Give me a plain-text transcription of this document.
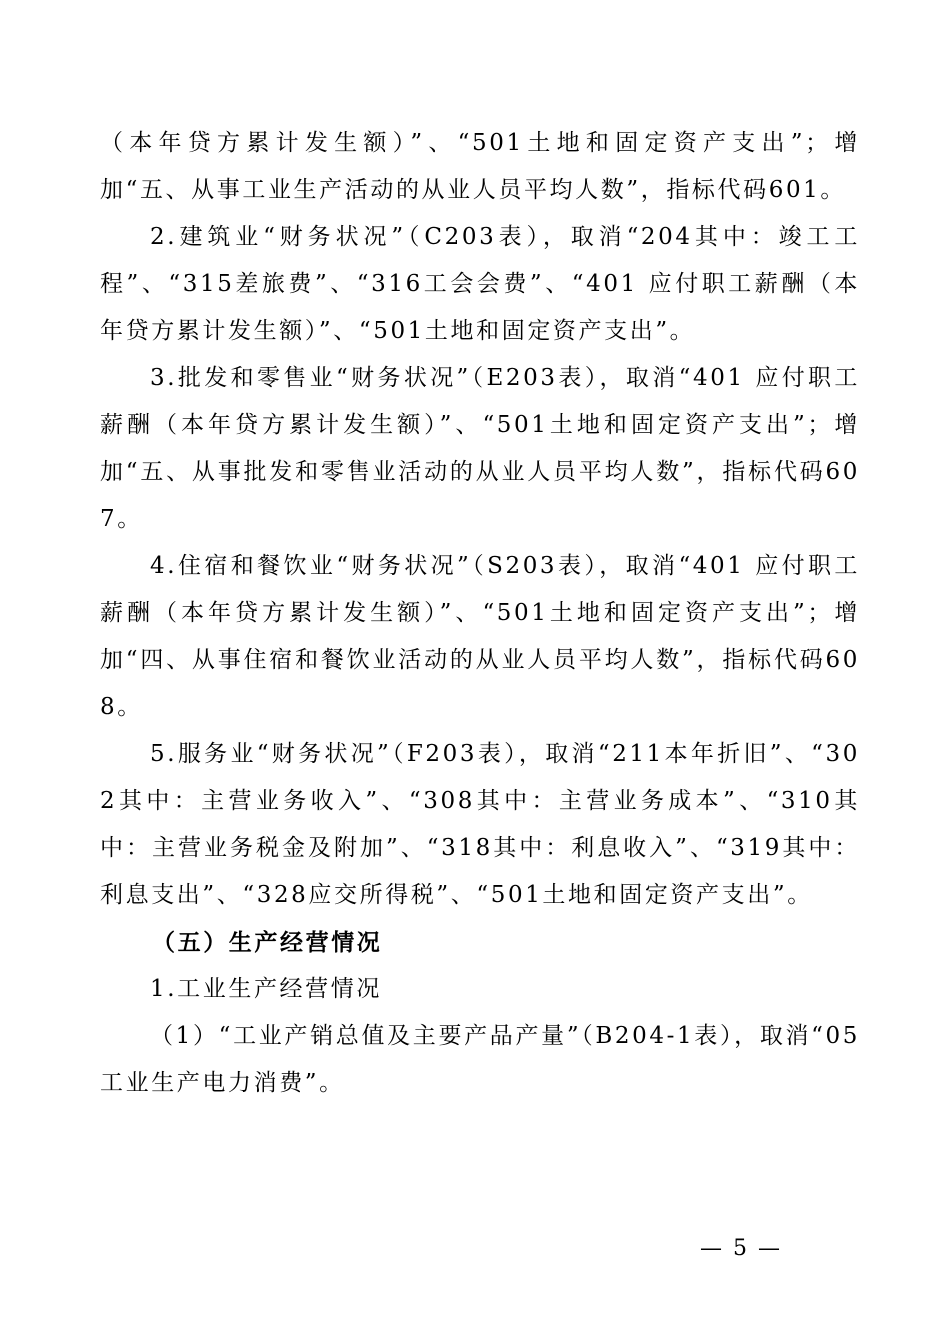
（本年贷方累计发生额）”、“501土地和固定资产支出”；增加“五、从事工业生产活动的从业人员平均人数”，指标代码601。

2.建筑业“财务状况”（C203表），取消“204其中：竣工工程”、“315差旅费”、“316工会会费”、“401 应付职工薪酬（本年贷方累计发生额）”、“501土地和固定资产支出”。

3.批发和零售业“财务状况”（E203表），取消“401 应付职工薪酬（本年贷方累计发生额）”、“501土地和固定资产支出”；增加“五、从事批发和零售业活动的从业人员平均人数”，指标代码607。

4.住宿和餐饮业“财务状况”（S203表），取消“401 应付职工薪酬（本年贷方累计发生额）”、“501土地和固定资产支出”；增加“四、从事住宿和餐饮业活动的从业人员平均人数”，指标代码608。

5.服务业“财务状况”（F203表），取消“211本年折旧”、“302其中：主营业务收入”、“308其中：主营业务成本”、“310其中：主营业务税金及附加”、“318其中：利息收入”、“319其中：利息支出”、“328应交所得税”、“501土地和固定资产支出”。

（五）生产经营情况

1.工业生产经营情况

（1）“工业产销总值及主要产品产量”（B204-1表），取消“05工业生产电力消费”。

— 5 —
